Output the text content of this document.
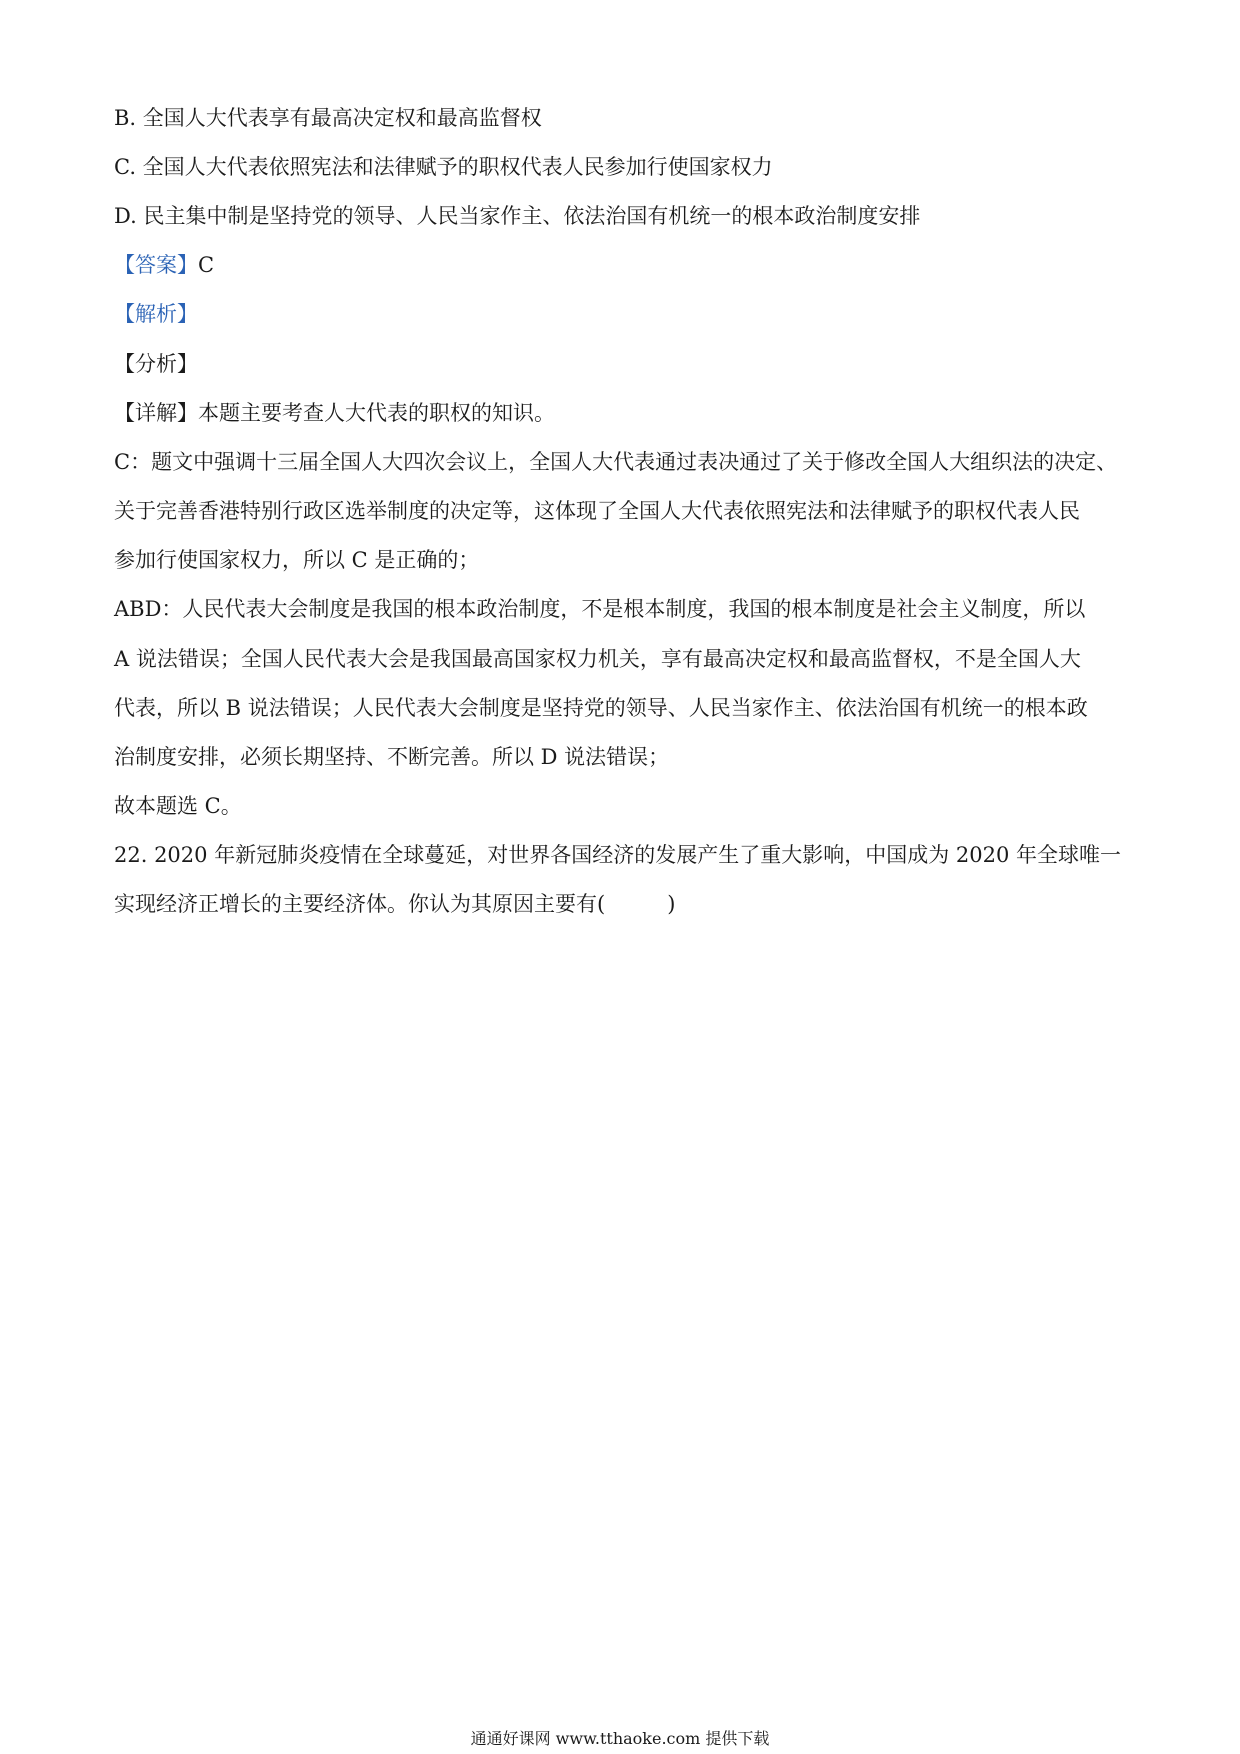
B. 全国人大代表享有最高决定权和最高监督权
C. 全国人大代表依照宪法和法律赋予的职权代表人民参加行使国家权力
D. 民主集中制是坚持党的领导、人民当家作主、依法治国有机统一的根本政治制度安排
【答案】C
【解析】
【分析】
【详解】本题主要考查人大代表的职权的知识。
C：题文中强调十三届全国人大四次会议上，全国人大代表通过表决通过了关于修改全国人大组织法的决定、
关于完善香港特别行政区选举制度的决定等，这体现了全国人大代表依照宪法和法律赋予的职权代表人民
参加行使国家权力，所以 C 是正确的；
ABD：人民代表大会制度是我国的根本政治制度，不是根本制度，我国的根本制度是社会主义制度，所以
A 说法错误；全国人民代表大会是我国最高国家权力机关，享有最高决定权和最高监督权，不是全国人大
代表，所以 B 说法错误；人民代表大会制度是坚持党的领导、人民当家作主、依法治国有机统一的根本政
治制度安排，必须长期坚持、不断完善。所以 D 说法错误；
故本题选 C。
22. 2020 年新冠肺炎疫情在全球蔓延，对世界各国经济的发展产生了重大影响，中国成为 2020 年全球唯一
实现经济正增长的主要经济体。你认为其原因主要有(	)
通通好课网 www.tthaoke.com 提供下载
